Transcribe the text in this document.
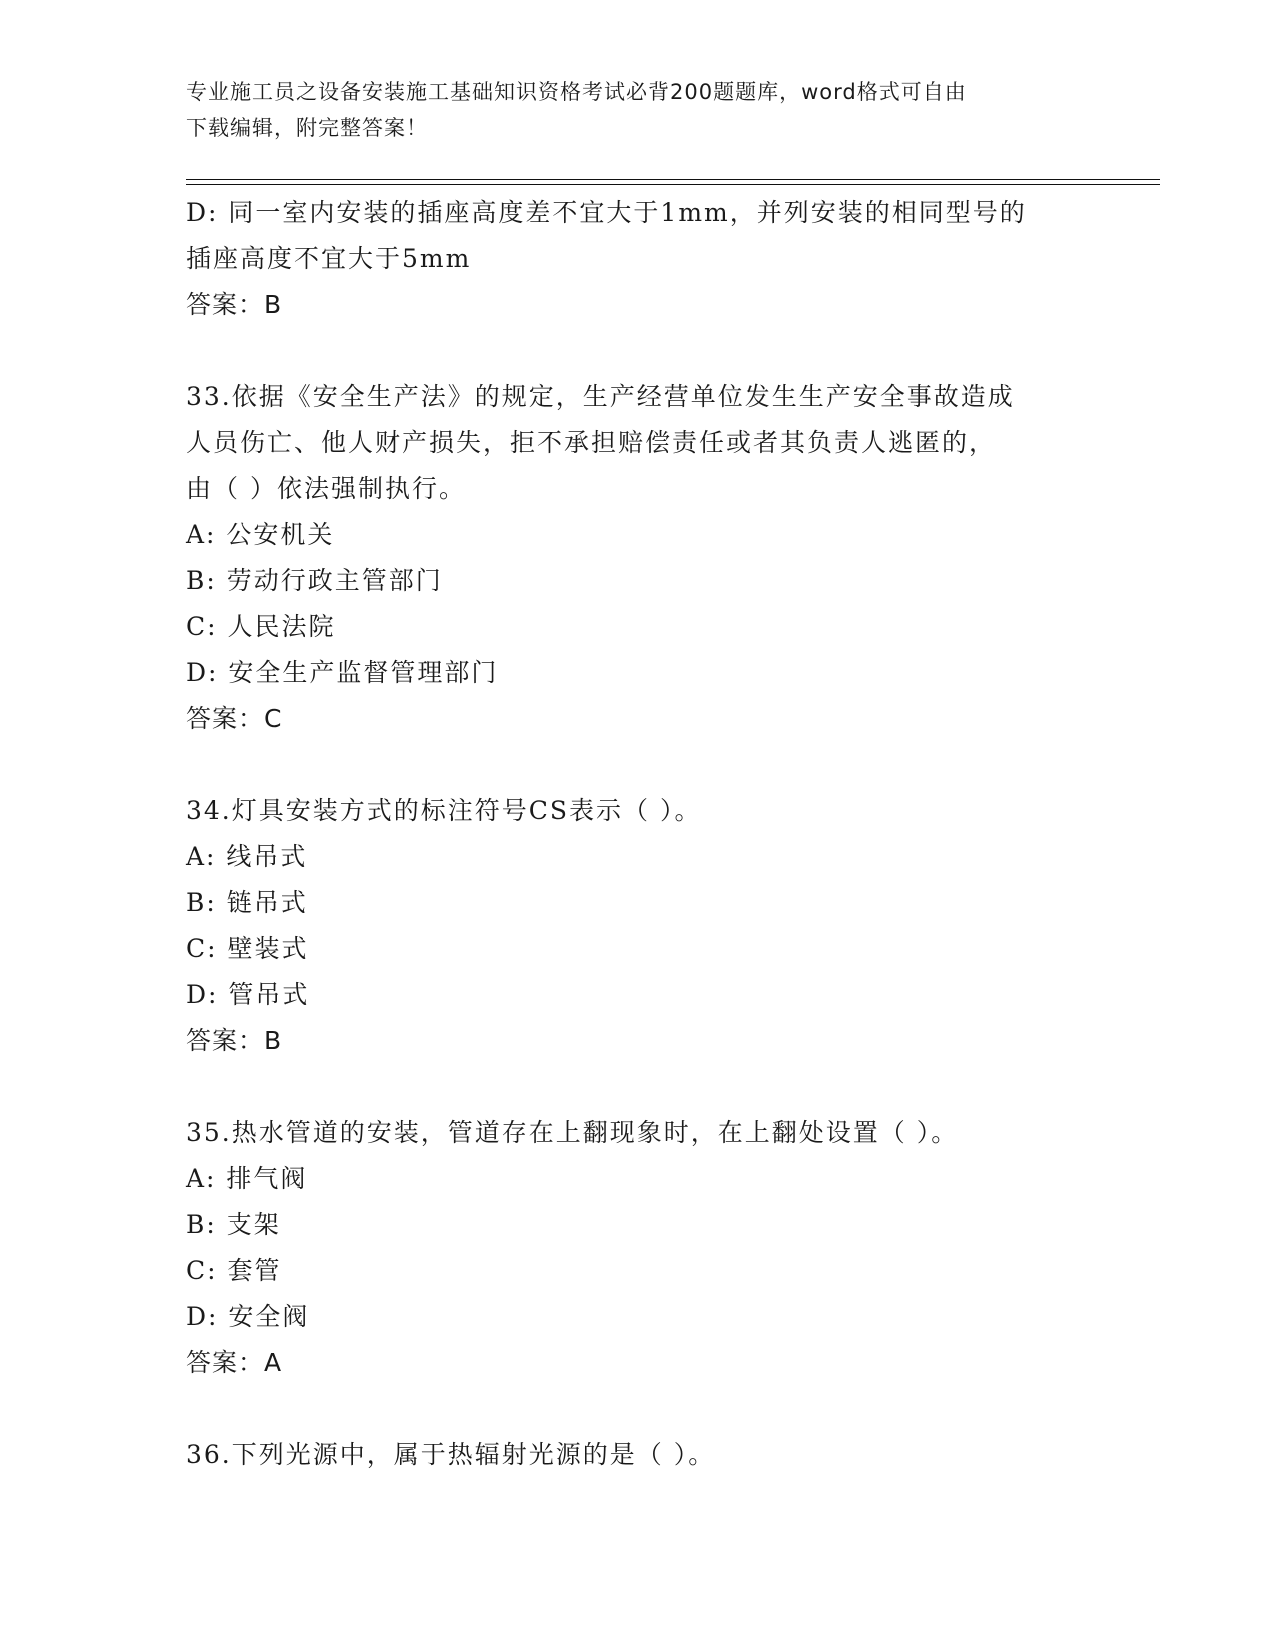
专业施工员之设备安装施工基础知识资格考试必背200题题库，word格式可自由
下载编辑，附完整答案！
D: 同一室内安装的插座高度差不宜大于1mm，并列安装的相同型号的
插座高度不宜大于5mm
答案：B
33.依据《安全生产法》的规定，生产经营单位发生生产安全事故造成
人员伤亡、他人财产损失，拒不承担赔偿责任或者其负责人逃匿的，
由（ ）依法强制执行。
A: 公安机关
B: 劳动行政主管部门
C: 人民法院
D: 安全生产监督管理部门
答案：C
34.灯具安装方式的标注符号CS表示（ ）。
A: 线吊式
B: 链吊式
C: 壁装式
D: 管吊式
答案：B
35.热水管道的安装，管道存在上翻现象时，在上翻处设置（ ）。
A: 排气阀
B: 支架
C: 套管
D: 安全阀
答案：A
36.下列光源中，属于热辐射光源的是（ ）。
